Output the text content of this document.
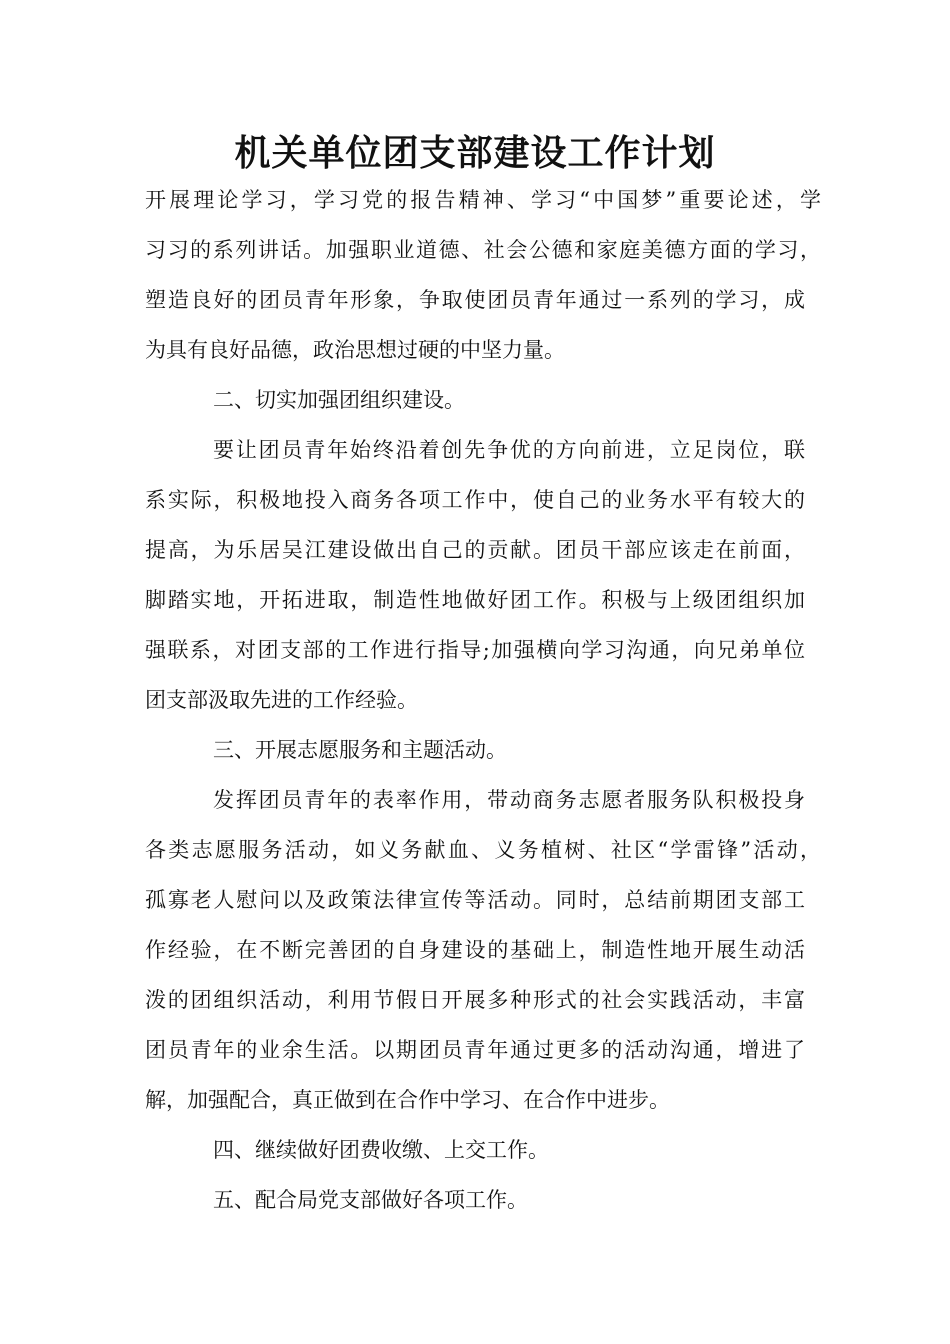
机关单位团支部建设工作计划
开展理论学习，学习党的报告精神、学习“中国梦”重要论述，学
习习的系列讲话。加强职业道德、社会公德和家庭美德方面的学习，
塑造良好的团员青年形象，争取使团员青年通过一系列的学习，成
为具有良好品德，政治思想过硬的中坚力量。
二、切实加强团组织建设。
要让团员青年始终沿着创先争优的方向前进，立足岗位，联
系实际，积极地投入商务各项工作中，使自己的业务水平有较大的
提高，为乐居吴江建设做出自己的贡献。团员干部应该走在前面，
脚踏实地，开拓进取，制造性地做好团工作。积极与上级团组织加
强联系，对团支部的工作进行指导;加强横向学习沟通，向兄弟单位
团支部汲取先进的工作经验。
三、开展志愿服务和主题活动。
发挥团员青年的表率作用，带动商务志愿者服务队积极投身
各类志愿服务活动，如义务献血、义务植树、社区“学雷锋”活动，
孤寡老人慰问以及政策法律宣传等活动。同时，总结前期团支部工
作经验，在不断完善团的自身建设的基础上，制造性地开展生动活
泼的团组织活动，利用节假日开展多种形式的社会实践活动，丰富
团员青年的业余生活。以期团员青年通过更多的活动沟通，增进了
解，加强配合，真正做到在合作中学习、在合作中进步。
四、继续做好团费收缴、上交工作。
五、配合局党支部做好各项工作。
